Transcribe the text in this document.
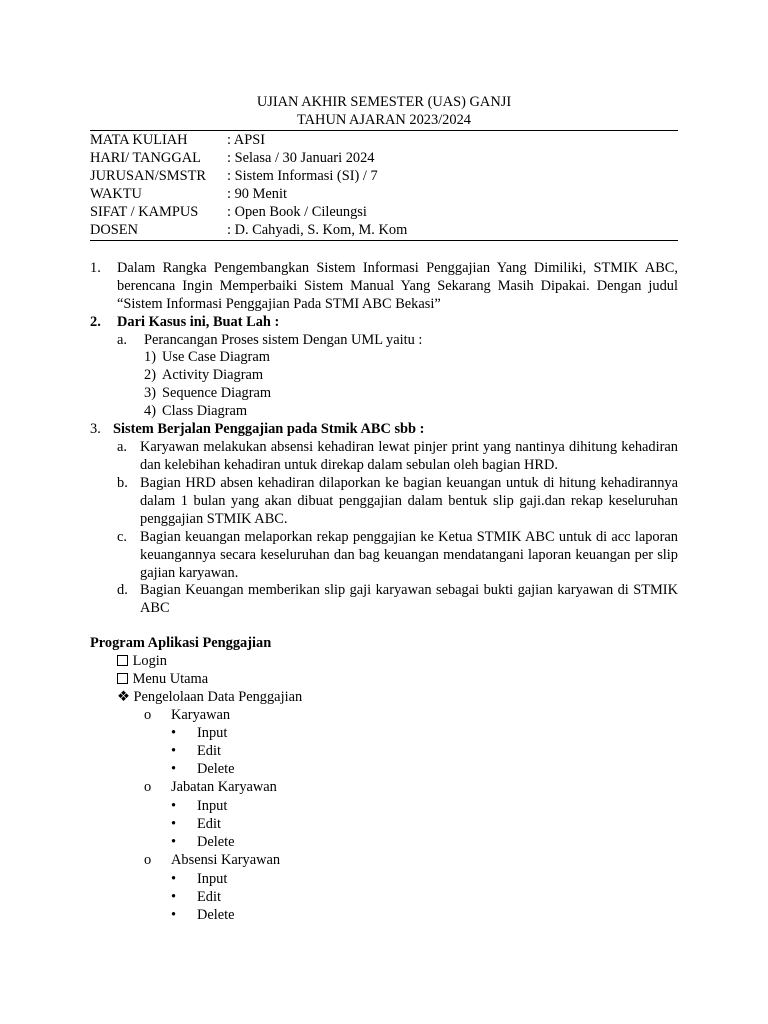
UJIAN AKHIR SEMESTER (UAS) GANJI
TAHUN AJARAN 2023/2024
MATA KULIAH	: APSI
HARI/ TANGGAL : Selasa / 30 Januari 2024
JURUSAN/SMSTR : Sistem Informasi (SI) / 7
WAKTU	: 90 Menit
SIFAT / KAMPUS : Open Book / Cileungsi
DOSEN	: D. Cahyadi, S. Kom, M. Kom
1. Dalam Rangka Pengembangkan Sistem Informasi Penggajian Yang Dimiliki, STMIK ABC, berencana Ingin Memperbaiki Sistem Manual Yang Sekarang Masih Dipakai. Dengan judul “Sistem Informasi Penggajian Pada STMI ABC Bekasi”
2. Dari Kasus ini, Buat Lah :
a. Perancangan Proses sistem Dengan UML yaitu :
1) Use Case Diagram
2) Activity Diagram
3) Sequence Diagram
4) Class Diagram
3. Sistem Berjalan Penggajian pada Stmik ABC sbb :
a. Karyawan melakukan absensi kehadiran lewat pinjer print yang nantinya dihitung kehadiran dan kelebihan kehadiran untuk direkap dalam sebulan oleh bagian HRD.
b. Bagian HRD absen kehadiran dilaporkan ke bagian keuangan untuk di hitung kehadirannya dalam 1 bulan yang akan dibuat penggajian dalam bentuk slip gaji.dan rekap keseluruhan penggajian STMIK ABC.
c. Bagian keuangan melaporkan rekap penggajian ke Ketua STMIK ABC untuk di acc laporan keuangannya secara keseluruhan dan bag keuangan mendatangani laporan keuangan per slip gajian karyawan.
d. Bagian Keuangan memberikan slip gaji karyawan sebagai bukti gajian karyawan di STMIK ABC
Program Aplikasi Penggajian
Login
Menu Utama
❖ Pengelolaan Data Penggajian
o Karyawan
• Input
• Edit
• Delete
o Jabatan Karyawan
• Input
• Edit
• Delete
o Absensi Karyawan
• Input
• Edit
• Delete
